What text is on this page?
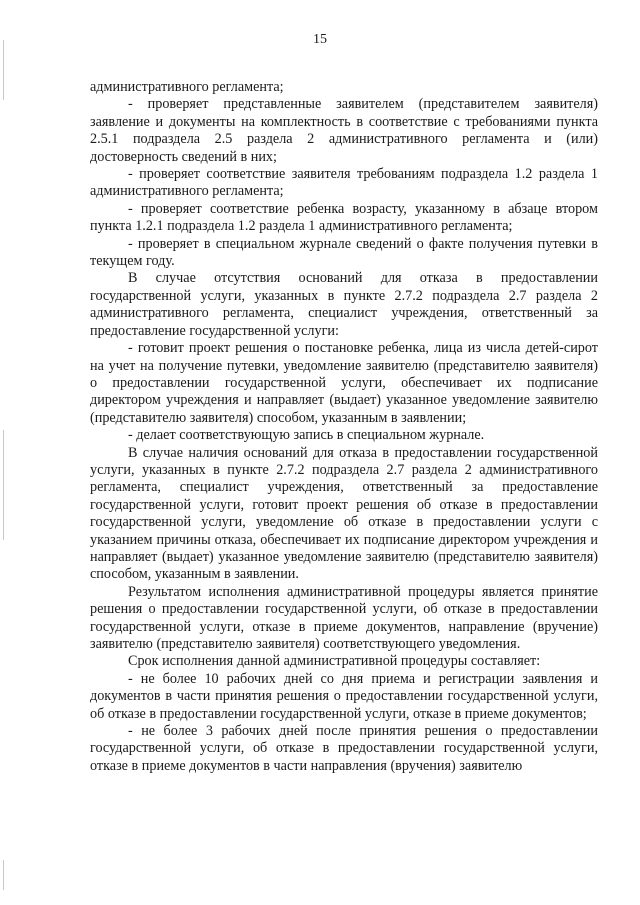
15

административного регламента;

- проверяет представленные заявителем (представителем заявителя) заявление и документы на комплектность в соответствие с требованиями пункта 2.5.1 подраздела 2.5 раздела 2 административного регламента и (или) достоверность сведений в них;

- проверяет соответствие заявителя требованиям подраздела 1.2 раздела 1 административного регламента;

- проверяет соответствие ребенка возрасту, указанному в абзаце втором пункта 1.2.1 подраздела 1.2 раздела 1 административного регламента;

- проверяет в специальном журнале сведений о факте получения путевки в текущем году.

В случае отсутствия оснований для отказа в предоставлении государственной услуги, указанных в пункте 2.7.2 подраздела 2.7 раздела 2 административного регламента, специалист учреждения, ответственный за предоставление государственной услуги:

- готовит проект решения о постановке ребенка, лица из числа детей-сирот на учет на получение путевки, уведомление заявителю (представителю заявителя) о предоставлении государственной услуги, обеспечивает их подписание директором учреждения и направляет (выдает) указанное уведомление заявителю (представителю заявителя) способом, указанным в заявлении;

- делает соответствующую запись в специальном журнале.

В случае наличия оснований для отказа в предоставлении государственной услуги, указанных в пункте 2.7.2 подраздела 2.7 раздела 2 административного регламента, специалист учреждения, ответственный за предоставление государственной услуги, готовит проект решения об отказе в предоставлении государственной услуги, уведомление об отказе в предоставлении услуги с указанием причины отказа, обеспечивает их подписание директором учреждения и направляет (выдает) указанное уведомление заявителю (представителю заявителя) способом, указанным в заявлении.

Результатом исполнения административной процедуры является принятие решения о предоставлении государственной услуги, об отказе в предоставлении государственной услуги, отказе в приеме документов, направление (вручение) заявителю (представителю заявителя) соответствующего уведомления.

Срок исполнения данной административной процедуры составляет:

- не более 10 рабочих дней со дня приема и регистрации заявления и документов в части принятия решения о предоставлении государственной услуги, об отказе в предоставлении государственной услуги, отказе в приеме документов;

- не более 3 рабочих дней после принятия решения о предоставлении государственной услуги, об отказе в предоставлении государственной услуги, отказе в приеме документов в части направления (вручения) заявителю
